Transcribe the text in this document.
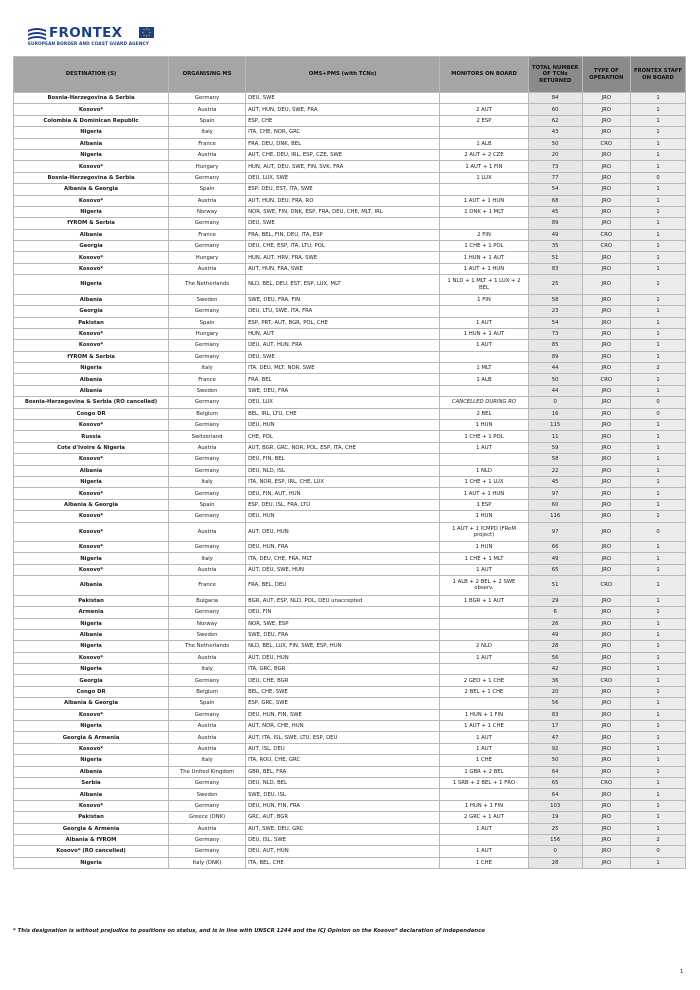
FRONTEX
EUROPEAN BORDER AND COAST GUARD AGENCY
DESTINATION (S)	ORGANISING MS	OMS+PMS (with TCNs)	MONITORS ON BOARD	TOTAL NUMBER OF TCNs RETURNED	TYPE OF OPERATION	FRONTEX STAFF ON BOARD
Bosnia-Herzegovina & Serbia	Germany	DEU, SWE		84	JRO	1
Kosovo*	Austria	AUT, HUN, DEU, SWE, FRA	2 AUT	60	JRO	1
Colombia & Dominican Republic	Spain	ESP, CHE	2 ESP	62	JRO	1
Nigeria	Italy	ITA, CHE, NOR, GRC		43	JRO	1
Albania	France	FRA, DEU, DNK, BEL	1 ALB	50	CRO	1
Nigeria	Austria	AUT, CHE, DEU, IRL, ESP, CZE, SWE	2 AUT + 2 CZE	20	JRO	1
Kosovo*	Hungary	HUN, AUT, DEU, SWE, FIN, SVK, FRA	1 AUT + 1 FIN	73	JRO	1
Bosnia-Herzegovina & Serbia	Germany	DEU, LUX, SWE	1 LUX	77	JRO	0
Albania & Georgia	Spain	ESP, DEU, EST, ITA, SWE		54	JRO	1
Kosovo*	Austria	AUT, HUN, DEU, FRA, RO	1 AUT + 1 HUN	68	JRO	1
Nigeria	Norway	NOR, SWE, FIN, DNK, ESP, FRA, DEU, CHE, MLT, IRL	1 DNK + 1 MLT	45	JRO	1
fYROM & Serbia	Germany	DEU, SWE		89	JRO	1
Albania	France	FRA, BEL, FIN, DEU, ITA, ESP	2 FIN	49	CRO	1
Georgia	Germany	DEU, CHE, ESP, ITA, LTU, POL	1 CHE + 1 POL	35	CRO	1
Kosovo*	Hungary	HUN, AUT, HRV, FRA, SWE	1 HUN + 1 AUT	51	JRO	1
Kosovo*	Austria	AUT, HUN, FRA, SWE	1 AUT + 1 HUN	83	JRO	1
Nigeria	The Netherlands	NLD, BEL, DEU, EST, ESP, LUX, MLT	1 NLD + 1 MLT + 1 LUX + 2 BEL	25	JRO	1
Albania	Sweden	SWE, DEU, FRA, FIN	1 FIN	58	JRO	1
Georgia	Germany	DEU, LTU, SWE, ITA, FRA		23	JRO	1
Pakistan	Spain	ESP, PRT, AUT, BGR, POL, CHE	1 AUT	54	JRO	1
Kosovo*	Hungary	HUN, AUT	1 HUN + 1 AUT	73	JRO	1
Kosovo*	Germany	DEU, AUT, HUN, FRA	1 AUT	85	JRO	1
fYROM & Serbia	Germany	DEU, SWE		89	JRO	1
Nigeria	Italy	ITA, DEU, MLT, NOR, SWE	1 MLT	44	JRO	2
Albania	France	FRA, BEL	1 ALB	50	CRO	1
Albania	Sweden	SWE, DEU, FRA		44	JRO	1
Bosnia-Herzegovina & Serbia (RO cancelled)	Germany	DEU, LUX	CANCELLED DURING RO	0	JRO	0
Congo DR	Belgium	BEL, IRL, LTU, CHE	2 BEL	16	JRO	0
Kosovo*	Germany	DEU, HUN	1 HUN	115	JRO	1
Russia	Switzerland	CHE, POL	1 CHE + 1 POL	11	JRO	1
Cote d'Ivoire & Nigeria	Austria	AUT, BGR, GRC, NOR, POL, ESP, ITA, CHE	1 AUT	59	JRO	1
Kosovo*	Germany	DEU, FIN, BEL		58	JRO	1
Albania	Germany	DEU, NLD, ISL	1 NLD	22	JRO	1
Nigeria	Italy	ITA, NOR, ESP, IRL, CHE, LUX	1 CHE + 1 LUX	45	JRO	1
Kosovo*	Germany	DEU, FIN, AUT, HUN	1 AUT + 1 HUN	97	JRO	1
Albania & Georgia	Spain	ESP, DEU, ISL, FRA, LTU	1 ESP	60	JRO	1
Kosovo*	Germany	DEU, HUN	1 HUN	116	JRO	1
Kosovo*	Austria	AUT, DEU, HUN	1 AUT + 1 ICMPD (FReM project)	97	JRO	0
Kosovo*	Germany	DEU, HUN, FRA	1 HUN	66	JRO	1
Nigeria	Italy	ITA, DEU, CHE, FRA, MLT	1 CHE + 1 MLT	49	JRO	1
Kosovo*	Austria	AUT, DEU, SWE, HUN	1 AUT	65	JRO	1
Albania	France	FRA, BEL, DEU	1 ALB + 2 BEL + 2 SWE observ.	51	CRO	1
Pakistan	Bulgaria	BGR, AUT, ESP, NLD, POL, DEU unaccepted	1 BGR + 1 AUT	29	JRO	1
Armenia	Germany	DEU, FIN		6	JRO	1
Nigeria	Norway	NOR, SWE, ESP		26	JRO	1
Albania	Sweden	SWE, DEU, FRA		49	JRO	1
Nigeria	The Netherlands	NLD, BEL, LUX, FIN, SWE, ESP, HUN	2 NLD	28	JRO	1
Kosovo*	Austria	AUT, DEU, HUN	1 AUT	56	JRO	1
Nigeria	Italy	ITA, GRC, BGR		42	JRO	1
Georgia	Germany	DEU, CHE, BGR	2 GEO + 1 CHE	36	CRO	1
Congo DR	Belgium	BEL, CHE, SWE	2 BEL + 1 CHE	20	JRO	1
Albania & Georgia	Spain	ESP, GRC, SWE		56	JRO	1
Kosovo*	Germany	DEU, HUN, FIN, SWE	1 HUN + 1 FIN	83	JRO	1
Nigeria	Austria	AUT, NOR, CHE, HUN	1 AUT + 1 CHE	17	JRO	1
Georgia & Armenia	Austria	AUT, ITA, ISL, SWE, LTU, ESP, DEU	1 AUT	47	JRO	1
Kosovo*	Austria	AUT, ISL, DEU	1 AUT	92	JRO	1
Nigeria	Italy	ITA, ROU, CHE, GRC	1 CHE	50	JRO	1
Albania	The United Kingdom	GBR, BEL, FRA	1 GBR + 2 BEL	64	JRO	1
Serbia	Germany	DEU, NLD, BEL	1 SRB + 2 BEL + 1 FRO	65	CRO	1
Albania	Sweden	SWE, DEU, ISL		64	JRO	1
Kosovo*	Germany	DEU, HUN, FIN, FRA	1 HUN + 1 FIN	103	JRO	1
Pakistan	Greece (DNK)	GRC, AUT, BGR	2 GRC + 1 AUT	19	JRO	1
Georgia & Armenia	Austria	AUT, SWE, DEU, GRC	1 AUT	25	JRO	1
Albania & fYROM	Germany	DEU, ISL, SWE		156	JRO	2
Kosovo* (RO cancelled)	Germany	DEU, AUT, HUN	1 AUT	0	JRO	0
Nigeria	Italy (DNK)	ITA, BEL, CHE	1 CHE	28	JRO	1
* This designation is without prejudice to positions on status, and is in line with UNSCR 1244 and the ICJ Opinion on the Kosovo* declaration of independence
1
